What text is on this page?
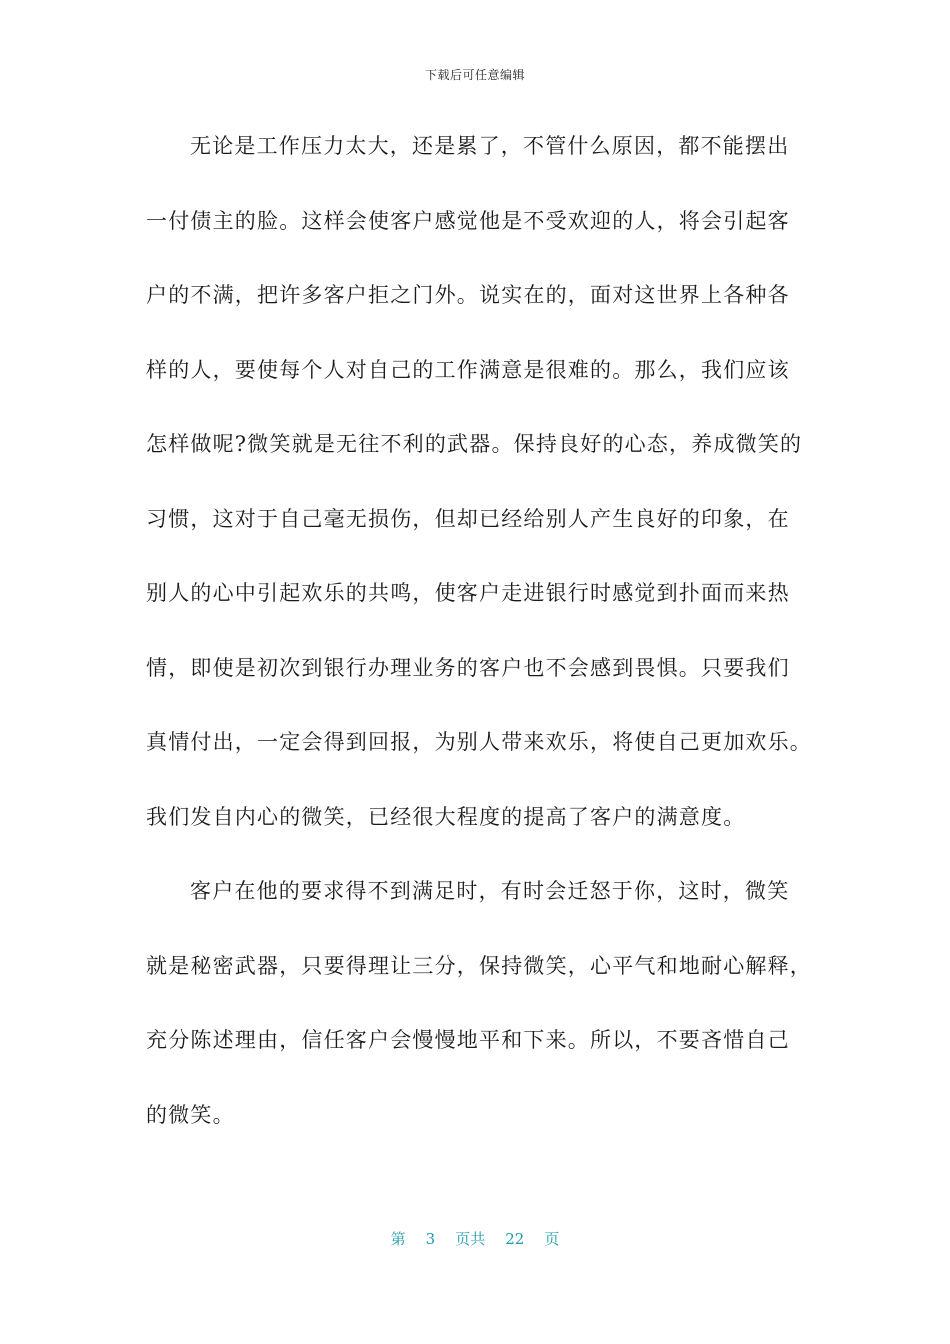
下载后可任意编辑
无论是工作压力太大，还是累了，不管什么原因，都不能摆出
一付债主的脸。这样会使客户感觉他是不受欢迎的人，将会引起客
户的不满，把许多客户拒之门外。说实在的，面对这世界上各种各
样的人，要使每个人对自己的工作满意是很难的。那么，我们应该
怎样做呢?微笑就是无往不利的武器。保持良好的心态，养成微笑的
习惯，这对于自己毫无损伤，但却已经给别人产生良好的印象，在
别人的心中引起欢乐的共鸣，使客户走进银行时感觉到扑面而来热
情，即使是初次到银行办理业务的客户也不会感到畏惧。只要我们
真情付出，一定会得到回报，为别人带来欢乐，将使自己更加欢乐。
我们发自内心的微笑，已经很大程度的提高了客户的满意度。
客户在他的要求得不到满足时，有时会迁怒于你，这时，微笑
就是秘密武器，只要得理让三分，保持微笑，心平气和地耐心解释，
充分陈述理由，信任客户会慢慢地平和下来。所以，不要吝惜自己
的微笑。
第 3 页共 22 页
